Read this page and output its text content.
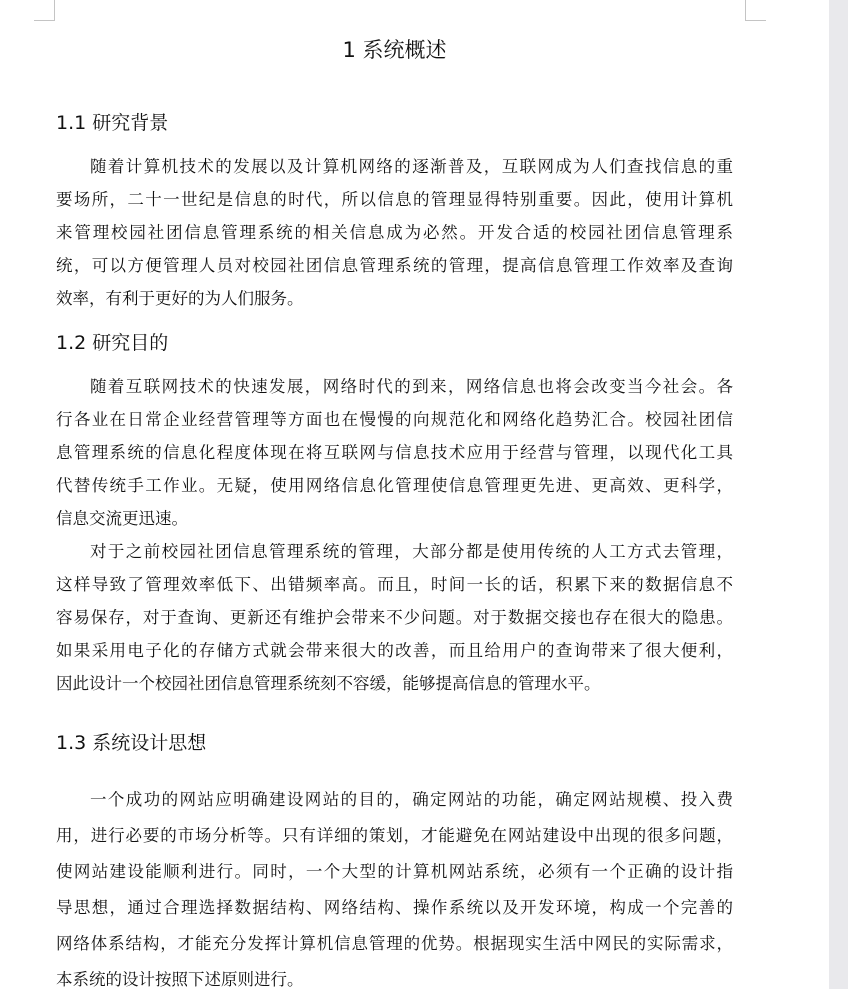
1 系统概述
1.1 研究背景
随着计算机技术的发展以及计算机网络的逐渐普及，互联网成为人们查找信息的重
要场所，二十一世纪是信息的时代，所以信息的管理显得特别重要。因此，使用计算机
来管理校园社团信息管理系统的相关信息成为必然。开发合适的校园社团信息管理系
统，可以方便管理人员对校园社团信息管理系统的管理，提高信息管理工作效率及查询
效率，有利于更好的为人们服务。
1.2 研究目的
随着互联网技术的快速发展，网络时代的到来，网络信息也将会改变当今社会。各
行各业在日常企业经营管理等方面也在慢慢的向规范化和网络化趋势汇合。校园社团信
息管理系统的信息化程度体现在将互联网与信息技术应用于经营与管理，以现代化工具
代替传统手工作业。无疑，使用网络信息化管理使信息管理更先进、更高效、更科学，
信息交流更迅速。
对于之前校园社团信息管理系统的管理，大部分都是使用传统的人工方式去管理，
这样导致了管理效率低下、出错频率高。而且，时间一长的话，积累下来的数据信息不
容易保存，对于查询、更新还有维护会带来不少问题。对于数据交接也存在很大的隐患。
如果采用电子化的存储方式就会带来很大的改善，而且给用户的查询带来了很大便利，
因此设计一个校园社团信息管理系统刻不容缓，能够提高信息的管理水平。
1.3 系统设计思想
一个成功的网站应明确建设网站的目的，确定网站的功能，确定网站规模、投入费
用，进行必要的市场分析等。只有详细的策划，才能避免在网站建设中出现的很多问题，
使网站建设能顺利进行。同时，一个大型的计算机网站系统，必须有一个正确的设计指
导思想，通过合理选择数据结构、网络结构、操作系统以及开发环境，构成一个完善的
网络体系结构，才能充分发挥计算机信息管理的优势。根据现实生活中网民的实际需求，
本系统的设计按照下述原则进行。
